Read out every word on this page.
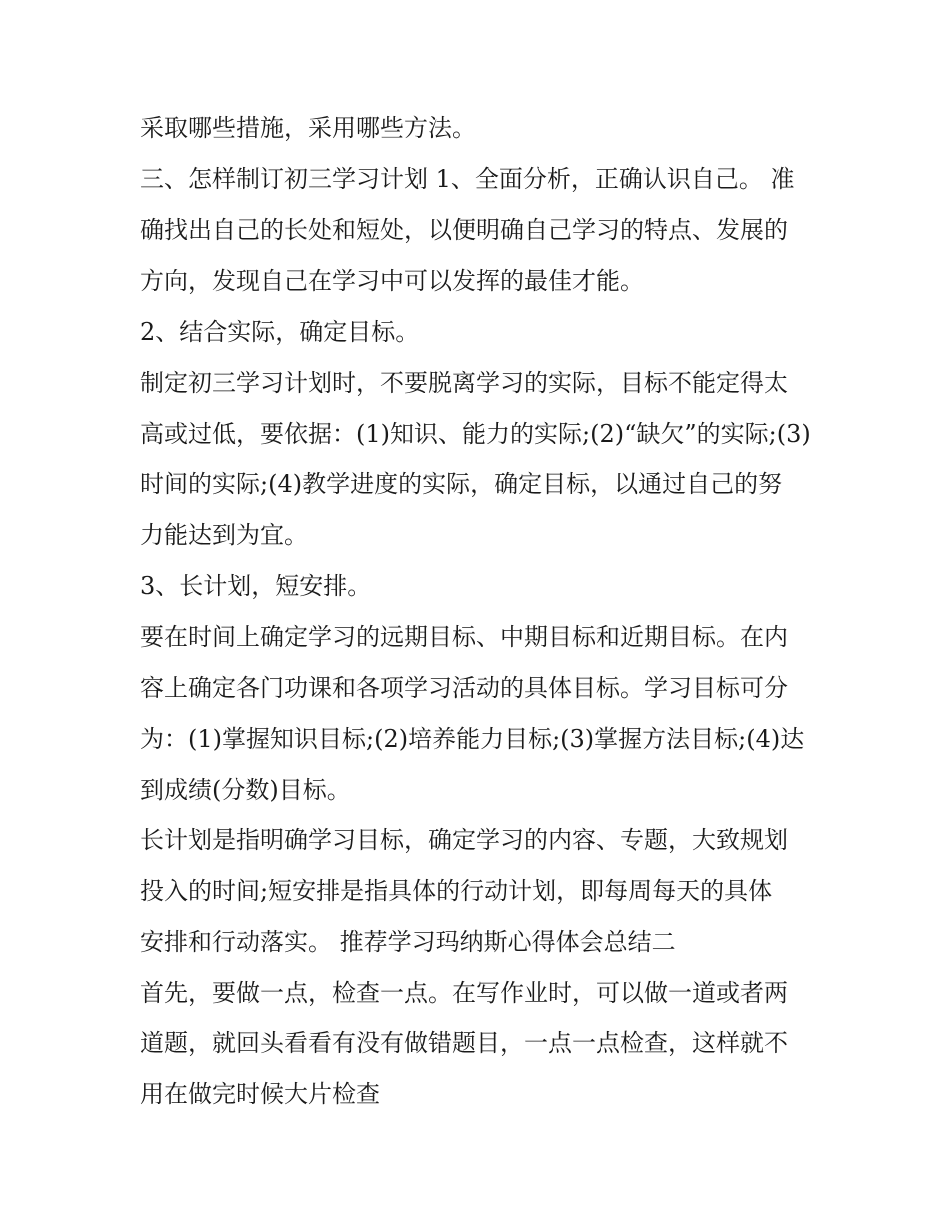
采取哪些措施，采用哪些方法。
三、怎样制订初三学习计划 1、全面分析，正确认识自己。 准
确找出自己的长处和短处，以便明确自己学习的特点、发展的
方向，发现自己在学习中可以发挥的最佳才能。
2、结合实际，确定目标。
制定初三学习计划时，不要脱离学习的实际，目标不能定得太
高或过低，要依据：(1)知识、能力的实际;(2)“缺欠”的实际;(3)
时间的实际;(4)教学进度的实际，确定目标，以通过自己的努
力能达到为宜。
3、长计划，短安排。
要在时间上确定学习的远期目标、中期目标和近期目标。在内
容上确定各门功课和各项学习活动的具体目标。学习目标可分
为：(1)掌握知识目标;(2)培养能力目标;(3)掌握方法目标;(4)达
到成绩(分数)目标。
长计划是指明确学习目标，确定学习的内容、专题，大致规划
投入的时间;短安排是指具体的行动计划，即每周每天的具体
安排和行动落实。 推荐学习玛纳斯心得体会总结二
首先，要做一点，检查一点。在写作业时，可以做一道或者两
道题，就回头看看有没有做错题目，一点一点检查，这样就不
用在做完时候大片检查
